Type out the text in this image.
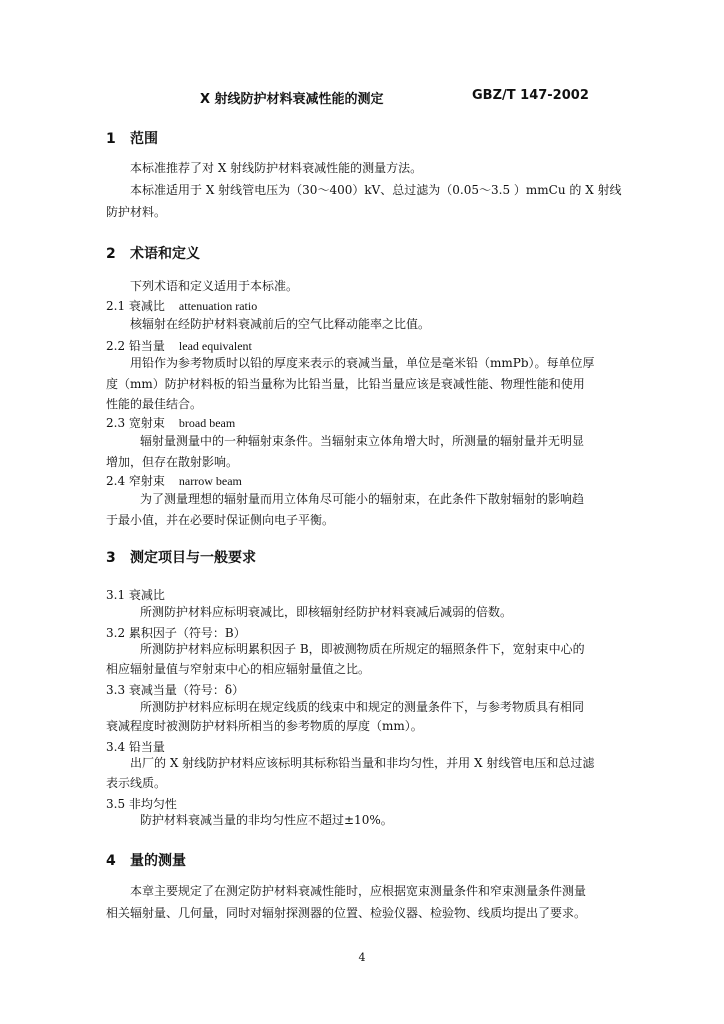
X 射线防护材料衰减性能的测定	GBZ/T 147-2002
1 范围
本标准推荐了对 X 射线防护材料衰减性能的测量方法。
本标准适用于 X 射线管电压为（30～400）kV、总过滤为（0.05～3.5 ）mmCu 的 X 射线
防护材料。
2 术语和定义
下列术语和定义适用于本标准。
2.1 衰减比 attenuation ratio
核辐射在经防护材料衰减前后的空气比释动能率之比值。
2.2 铅当量 lead equivalent
用铅作为参考物质时以铅的厚度来表示的衰减当量，单位是毫米铅（mmPb）。每单位厚
度（mm）防护材料板的铅当量称为比铅当量，比铅当量应该是衰减性能、物理性能和使用
性能的最佳结合。
2.3 宽射束 broad beam
辐射量测量中的一种辐射束条件。当辐射束立体角增大时，所测量的辐射量并无明显
增加，但存在散射影响。
2.4 窄射束 narrow beam
为了测量理想的辐射量而用立体角尽可能小的辐射束，在此条件下散射辐射的影响趋
于最小值，并在必要时保证侧向电子平衡。
3 测定项目与一般要求
3.1 衰减比
所测防护材料应标明衰减比，即核辐射经防护材料衰减后减弱的倍数。
3.2 累积因子（符号：B）
所测防护材料应标明累积因子 B，即被测物质在所规定的辐照条件下，宽射束中心的
相应辐射量值与窄射束中心的相应辐射量值之比。
3.3 衰减当量（符号：δ）
所测防护材料应标明在规定线质的线束中和规定的测量条件下，与参考物质具有相同
衰减程度时被测防护材料所相当的参考物质的厚度（mm）。
3.4 铅当量
出厂的 X 射线防护材料应该标明其标称铅当量和非均匀性，并用 X 射线管电压和总过滤
表示线质。
3.5 非均匀性
防护材料衰减当量的非均匀性应不超过±10%。
4 量的测量
本章主要规定了在测定防护材料衰减性能时，应根据宽束测量条件和窄束测量条件测量
相关辐射量、几何量，同时对辐射探测器的位置、检验仪器、检验物、线质均提出了要求。
4
